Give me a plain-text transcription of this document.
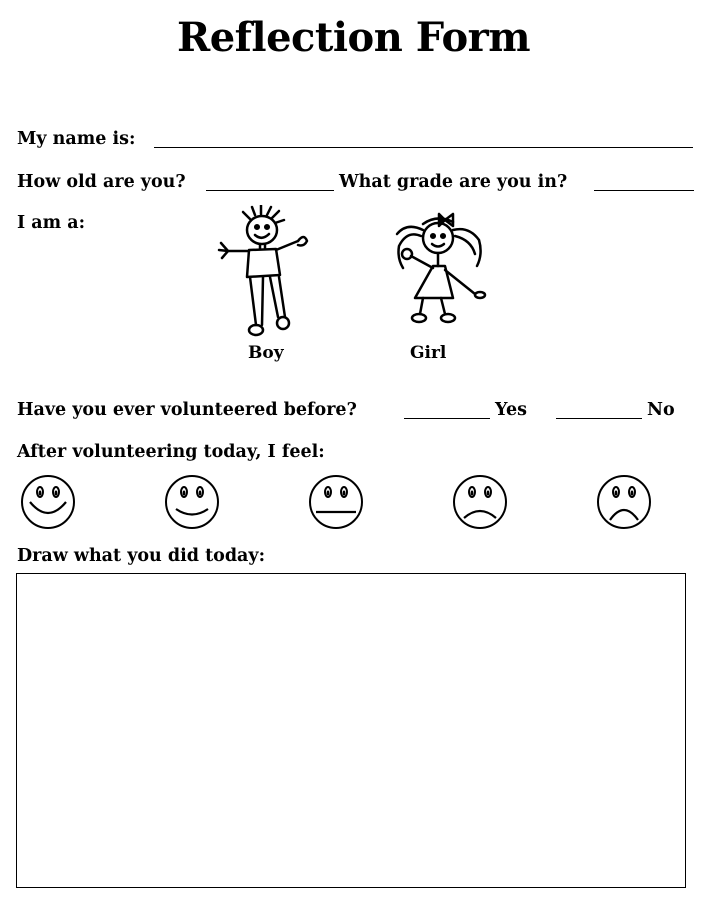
Reflection Form
My name is:
How old are you?	What grade are you in?
I am a:
Boy	Girl
Have you ever volunteered before?	Yes	No
After volunteering today, I feel:
Draw what you did today:
